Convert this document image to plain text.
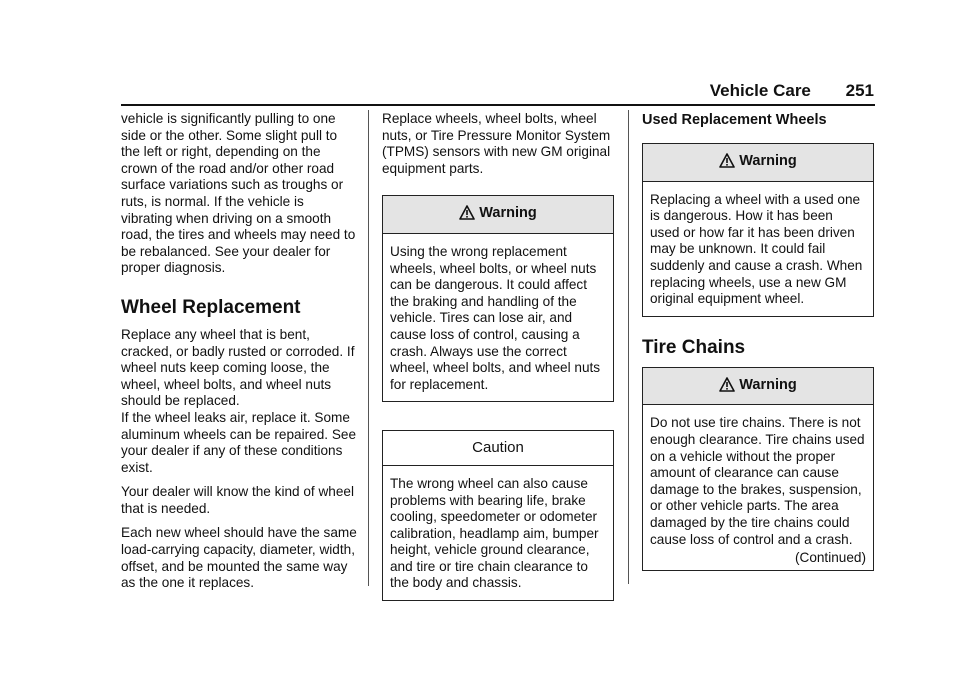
Vehicle Care 251

vehicle is significantly pulling to one side or the other. Some slight pull to the left or right, depending on the crown of the road and/or other road surface variations such as troughs or ruts, is normal. If the vehicle is vibrating when driving on a smooth road, the tires and wheels may need to be rebalanced. See your dealer for proper diagnosis.

Wheel Replacement

Replace any wheel that is bent, cracked, or badly rusted or corroded. If wheel nuts keep coming loose, the wheel, wheel bolts, and wheel nuts should be replaced.

If the wheel leaks air, replace it. Some aluminum wheels can be repaired. See your dealer if any of these conditions exist.

Your dealer will know the kind of wheel that is needed.

Each new wheel should have the same load-carrying capacity, diameter, width, offset, and be mounted the same way as the one it replaces.

Replace wheels, wheel bolts, wheel nuts, or Tire Pressure Monitor System (TPMS) sensors with new GM original equipment parts.

Warning
Using the wrong replacement wheels, wheel bolts, or wheel nuts can be dangerous. It could affect the braking and handling of the vehicle. Tires can lose air, and cause loss of control, causing a crash. Always use the correct wheel, wheel bolts, and wheel nuts for replacement.
Caution
The wrong wheel can also cause problems with bearing life, brake cooling, speedometer or odometer calibration, headlamp aim, bumper height, vehicle ground clearance, and tire or tire chain clearance to the body and chassis.
Used Replacement Wheels
Warning
Replacing a wheel with a used one is dangerous. How it has been used or how far it has been driven may be unknown. It could fail suddenly and cause a crash. When replacing wheels, use a new GM original equipment wheel.
Tire Chains
Warning
Do not use tire chains. There is not enough clearance. Tire chains used on a vehicle without the proper amount of clearance can cause damage to the brakes, suspension, or other vehicle parts. The area damaged by the tire chains could cause loss of control and a crash.
(Continued)
